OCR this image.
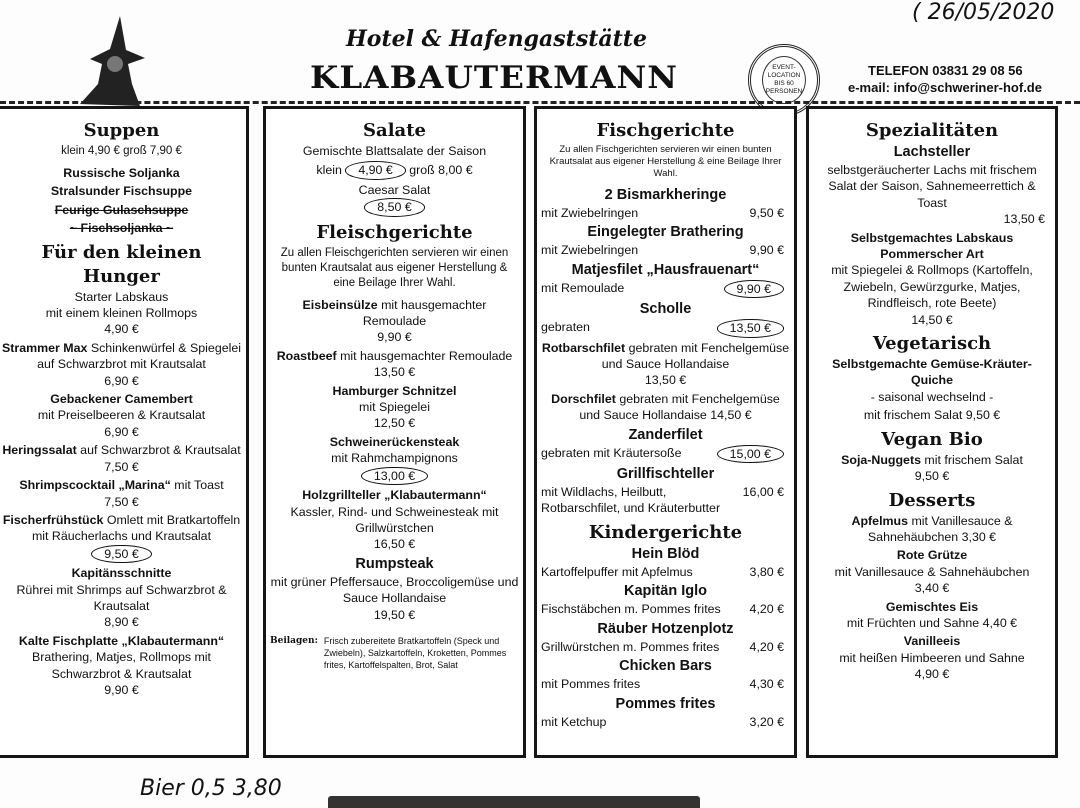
Hotel & Hafengaststätte
KLABAUTERMANN	EVENT-LOCATION BIS 60 PERSONEN
TELEFON 03831 29 08 56
e-mail: info@schweriner-hof.de
( 26/05/2020
Suppen
klein 4,90 € groß 7,90 €
Russische Soljanka
Stralsunder Fischsuppe
Feurige Gulaschsuppe
~ Fischsoljanka ~
Für den kleinen Hunger
Starter Labskaus
mit einem kleinen Rollmops
4,90 €
Strammer Max Schinkenwürfel & Spiegelei auf Schwarzbrot mit Krautsalat
6,90 €
Gebackener Camembert
mit Preiselbeeren & Krautsalat
6,90 €
Heringssalat auf Schwarzbrot & Krautsalat
7,50 €
Shrimpscocktail „Marina“ mit Toast
7,50 €
Fischerfrühstück Omlett mit Bratkartoffeln mit Räucherlachs und Krautsalat
9,50 €
Kapitänsschnitte
Rührei mit Shrimps auf Schwarzbrot & Krautsalat
8,90 €
Kalte Fischplatte „Klabautermann“
Brathering, Matjes, Rollmops mit Schwarzbrot & Krautsalat
9,90 €
Salate
Gemischte Blattsalate der Saison
klein 4,90 € groß 8,00 €
Caesar Salat
8,50 €
Fleischgerichte
Zu allen Fleischgerichten servieren wir einen bunten Krautsalat aus eigener Herstellung & eine Beilage Ihrer Wahl.
Eisbeinsülze mit hausgemachter Remoulade
9,90 €
Roastbeef mit hausgemachter Remoulade
13,50 €
Hamburger Schnitzel
mit Spiegelei
12,50 €
Schweinerückensteak
mit Rahmchampignons
13,00 €
Holzgrillteller „Klabautermann“
Kassler, Rind- und Schweinesteak mit Grillwürstchen
16,50 €
Rumpsteak
mit grüner Pfeffersauce, Broccoligemüse und Sauce Hollandaise
19,50 €
Beilagen: Frisch zubereitete Bratkartoffeln (Speck und Zwiebeln), Salzkartoffeln, Kroketten, Pommes frites, Kartoffelspalten, Brot, Salat
Fischgerichte
Zu allen Fischgerichten servieren wir einen bunten Krautsalat aus eigener Herstellung & eine Beilage Ihrer Wahl.
2 Bismarkheringe
mit Zwiebelringen	9,50 €
Eingelegter Brathering
mit Zwiebelringen	9,90 €
Matjesfilet „Hausfrauenart“
mit Remoulade	9,90 €
Scholle
gebraten	13,50 €
Rotbarschfilet gebraten mit Fenchelgemüse und Sauce Hollandaise
13,50 €
Dorschfilet gebraten mit Fenchelgemüse und Sauce Hollandaise 14,50 €
Zanderfilet
gebraten mit Kräutersoße	15,00 €
Grillfischteller
mit Wildlachs, Heilbutt, Rotbarschfilet, und Kräuterbutter
16,00 €
Kindergerichte
Hein Blöd
Kartoffelpuffer mit Apfelmus	3,80 €
Kapitän Iglo
Fischstäbchen m. Pommes frites	4,20 €
Räuber Hotzenplotz
Grillwürstchen m. Pommes frites	4,20 €
Chicken Bars
mit Pommes frites	4,30 €
Pommes frites
mit Ketchup	3,20 €
Spezialitäten
Lachsteller
selbstgeräucherter Lachs mit frischem Salat der Saison, Sahnemeerrettich & Toast
13,50 €
Selbstgemachtes Labskaus Pommerscher Art
mit Spiegelei & Rollmops (Kartoffeln, Zwiebeln, Gewürzgurke, Matjes, Rindfleisch, rote Beete)
14,50 €
Vegetarisch
Selbstgemachte Gemüse-Kräuter-Quiche
- saisonal wechselnd -
mit frischem Salat 9,50 €
Vegan Bio
Soja-Nuggets mit frischem Salat
9,50 €
Desserts
Apfelmus mit Vanillesauce & Sahnehäubchen 3,30 €
Rote Grütze
mit Vanillesauce & Sahnehäubchen
3,40 €
Gemischtes Eis
mit Früchten und Sahne 4,40 €
Vanilleeis
mit heißen Himbeeren und Sahne
4,90 €
Bier 0,5 3,80
